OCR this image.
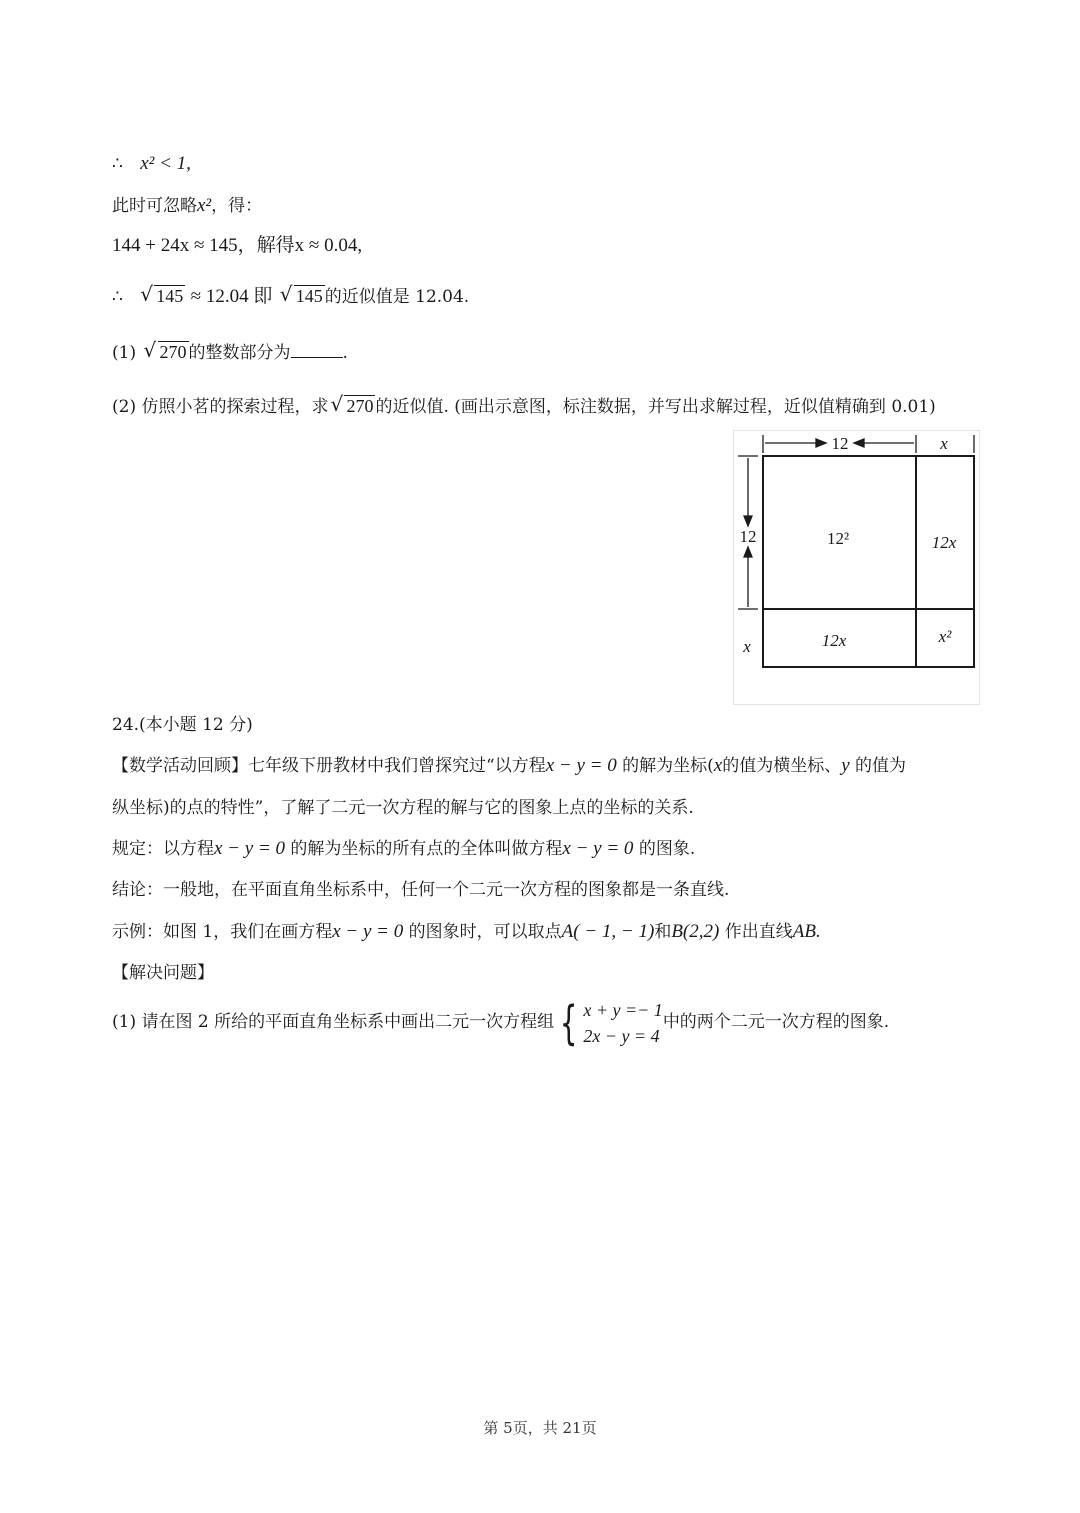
∴ x² < 1,
此时可忽略x²，得：
144 + 24x ≈ 145，解得x ≈ 0.04,
∴ √ 145 ≈ 12.04 即 √ 145 的近似值是 12.04.
(1) √ 270 的整数部分为	.
(2) 仿照小茗的探索过程，求 √ 270 的近似值. (画出示意图，标注数据，并写出求解过程，近似值精确到 0.01)
12	x
12
x
12²	12x
12x	x²
24.(本小题 12 分)
【数学活动回顾】七年级下册教材中我们曾探究过“以方程x − y = 0 的解为坐标(x的值为横坐标、y 的值为
纵坐标)的点的特性”，了解了二元一次方程的解与它的图象上点的坐标的关系.
规定：以方程x − y = 0 的解为坐标的所有点的全体叫做方程x − y = 0 的图象.
结论：一般地，在平面直角坐标系中，任何一个二元一次方程的图象都是一条直线.
示例：如图 1，我们在画方程x − y = 0 的图象时，可以取点A( − 1, − 1)和B(2,2) 作出直线AB.
【解决问题】
(1) 请在图 2 所给的平面直角坐标系中画出二元一次方程组 { x + y =− 1
2x − y = 4
中的两个二元一次方程的图象.
第 5页，共 21页
